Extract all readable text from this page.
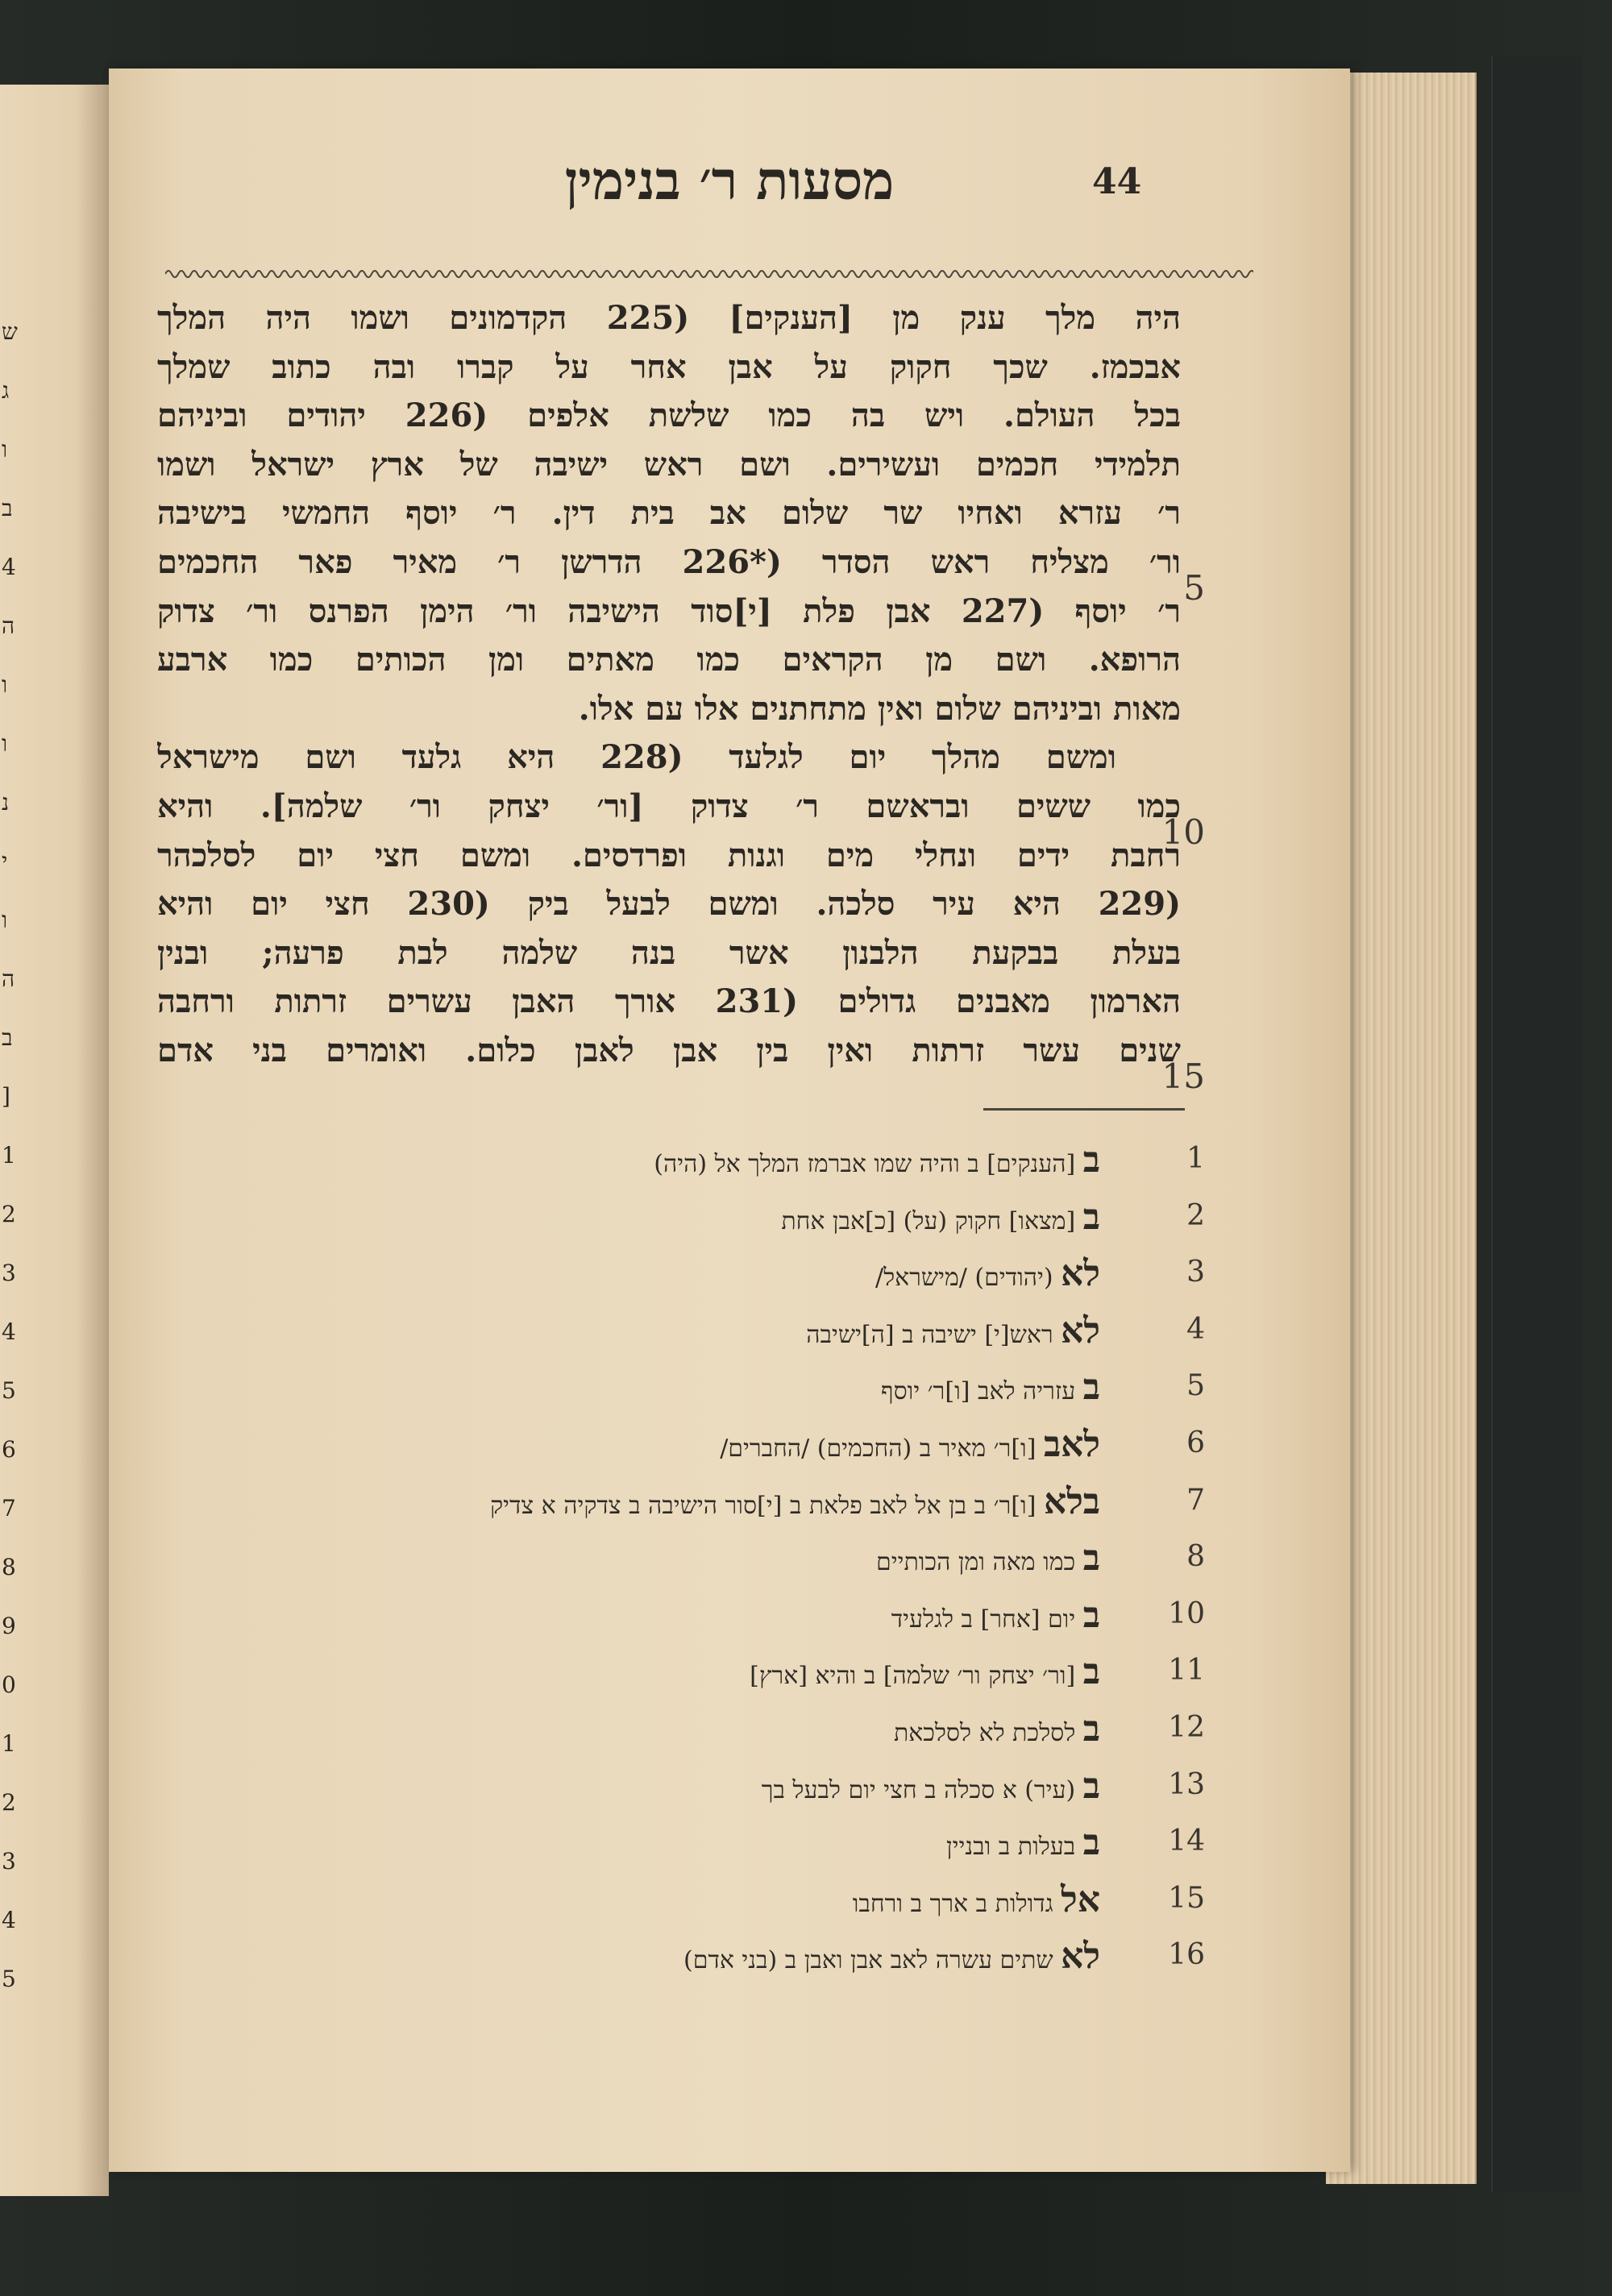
ש
ג
ו
ב
4
ה
ו
ו
נ
י
ו
ה
ב
]
1
2
3
4
5
6
7
8
9
0
1
2
3
4
5
44
מסעות ר׳ בנימין
היה מלך ענק מן [הענקים] (225 הקדמונים ושמו היה המלך
אבכמז. שכך חקוק על אבן אחר על קברו ובה כתוב שמלך
בכל העולם. ויש בה כמו שלשת אלפים (226 יהודים וביניהם
תלמידי חכמים ועשירים. ושם ראש ישיבה של ארץ ישראל ושמו
ר׳ עזרא ואחיו שר שלום אב בית דין. ר׳ יוסף החמשי בישיבה
ור׳ מצליח ראש הסדר (*226 הדרשן ר׳ מאיר פאר החכמים
ר׳ יוסף (227 אבן פלת [י]סוד הישיבה ור׳ הימן הפרנס ור׳ צדוק
הרופא. ושם מן הקראים כמו מאתים ומן הכותים כמו ארבע
מאות וביניהם שלום ואין מתחתנים אלו עם אלו.
ומשם מהלך יום לגלעד (228 היא גלעד ושם מישראל
כמו ששים ובראשם ר׳ צדוק [ור׳ יצחק ור׳ שלמה]. והיא
רחבת ידים ונחלי מים וגנות ופרדסים. ומשם חצי יום לסלכהר
(229 היא עיר סלכה. ומשם לבעל ביק (230 חצי יום והיא
בעלת בבקעת הלבנון אשר בנה שלמה לבת פרעה; ובנין
הארמון מאבנים גדולים (231 אורך האבן עשרים זרתות ורחבה
שנים עשר זרתות ואין בין אבן לאבן כלום. ואומרים בני אדם
5
10
15
ב [הענקים] ב והיה שמו אברמז המלך אל (היה)
ב [מצאו] חקוק (על) [כ]אבן אחת
לא (יהודים) /מישראל/
לא ראש[י] ישיבה ב [ה]ישיבה
ב עזריה לאב [ו]ר׳ יוסף
לאב [ו]ר׳ מאיר ב (החכמים) /החברים/
בלא [ו]ר׳ ב בן אל לאב פלאת ב [י]סור הישיבה ב צדקיה א צדיק
ב כמו מאה ומן הכותיים
ב יום [אחר] ב לגלעיד
ב [ור׳ יצחק ור׳ שלמה] ב והיא [ארץ]
ב לסלכת לא לסלכאת
ב (עיר) א סכלה ב חצי יום לבעל בך
ב בעלות ב ובניין
אל גדולות ב ארך ב ורחבו
לא שתים עשרה לאב אבן ואבן ב (בני אדם)
1
2
3
4
5
6
7
8
10
11
12
13
14
15
16
